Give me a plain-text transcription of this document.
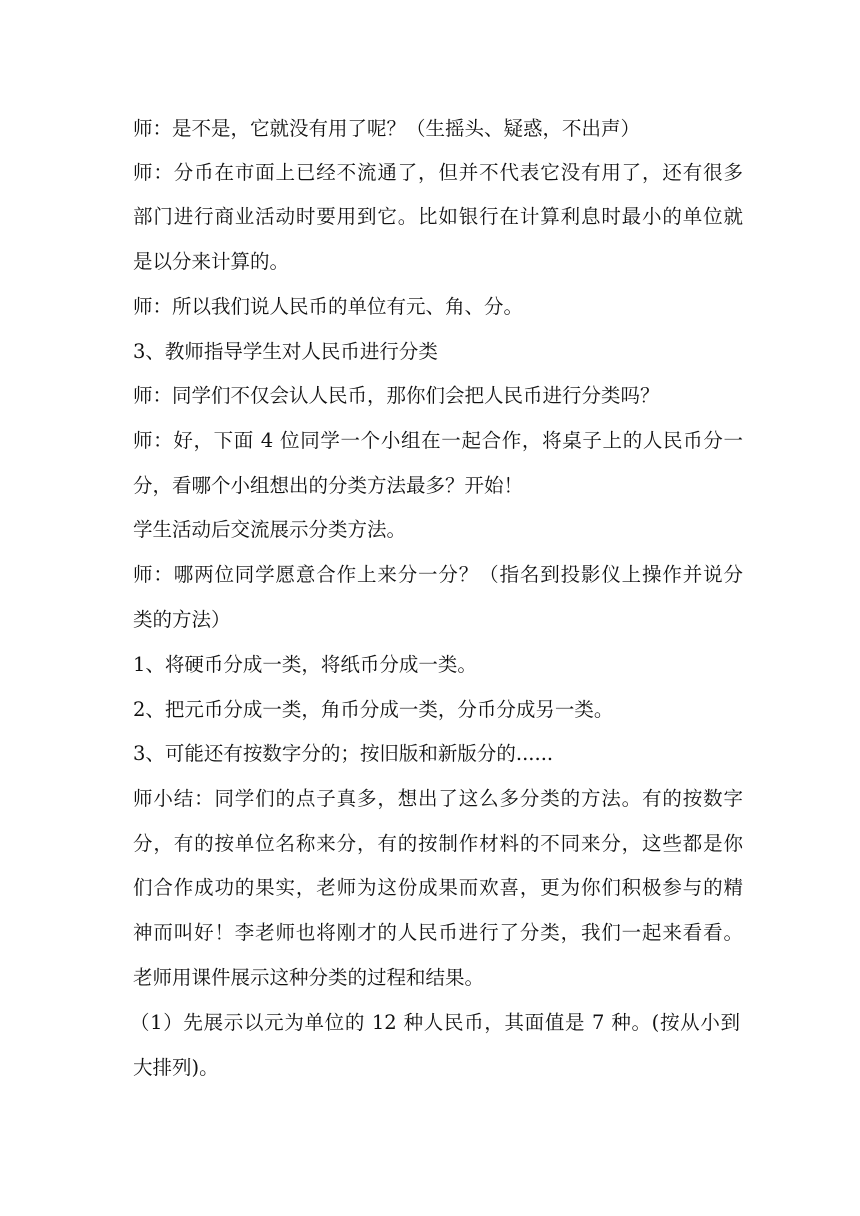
师：是不是，它就没有用了呢？（生摇头、疑惑，不出声）
师：分币在市面上已经不流通了，但并不代表它没有用了，还有很多
部门进行商业活动时要用到它。比如银行在计算利息时最小的单位就
是以分来计算的。
师：所以我们说人民币的单位有元、角、分。
3、教师指导学生对人民币进行分类
师：同学们不仅会认人民币，那你们会把人民币进行分类吗？
师：好，下面 4 位同学一个小组在一起合作，将桌子上的人民币分一
分，看哪个小组想出的分类方法最多？开始！
学生活动后交流展示分类方法。
师：哪两位同学愿意合作上来分一分？（指名到投影仪上操作并说分
类的方法）
1、将硬币分成一类，将纸币分成一类。
2、把元币分成一类，角币分成一类，分币分成另一类。
3、可能还有按数字分的；按旧版和新版分的......
师小结：同学们的点子真多，想出了这么多分类的方法。有的按数字
分，有的按单位名称来分，有的按制作材料的不同来分，这些都是你
们合作成功的果实，老师为这份成果而欢喜，更为你们积极参与的精
神而叫好！李老师也将刚才的人民币进行了分类，我们一起来看看。
老师用课件展示这种分类的过程和结果。
（1）先展示以元为单位的 12 种人民币，其面值是 7 种。(按从小到
大排列)。
